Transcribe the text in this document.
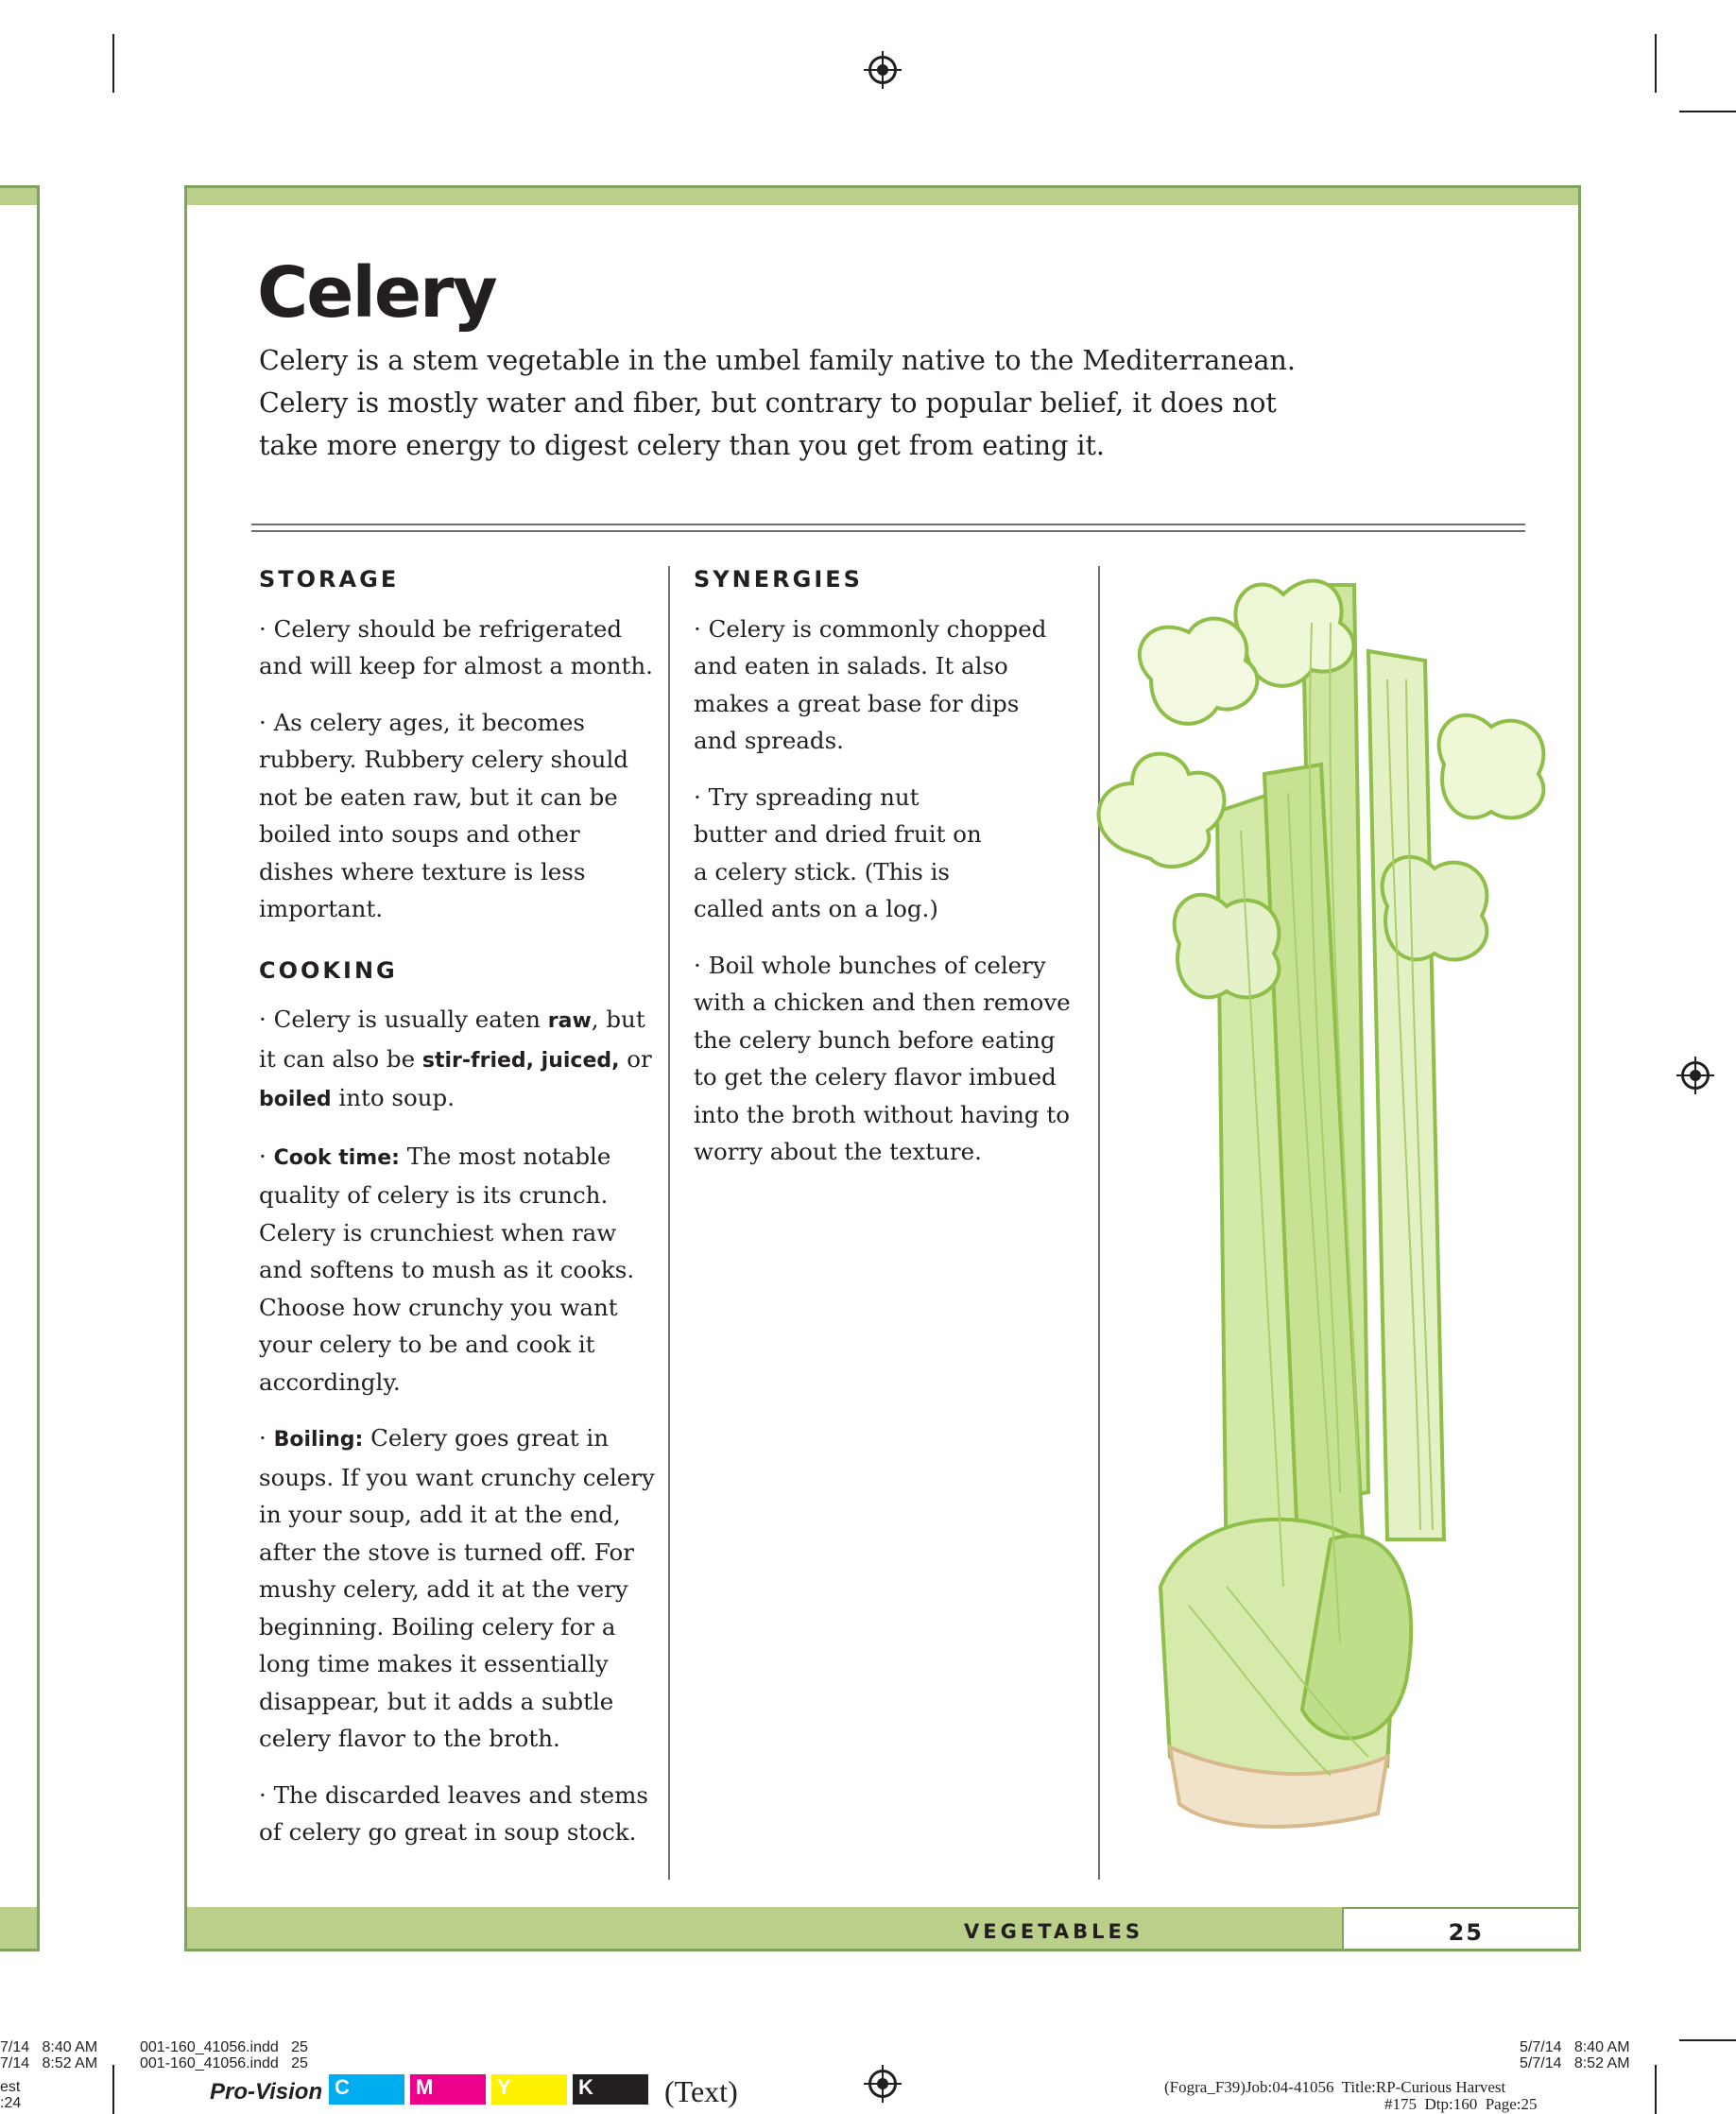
Celery

Celery is a stem vegetable in the umbel family native to the Mediterranean. Celery is mostly water and fiber, but contrary to popular belief, it does not take more energy to digest celery than you get from eating it.

STORAGE

· Celery should be refrigerated and will keep for almost a month.

· As celery ages, it becomes rubbery. Rubbery celery should not be eaten raw, but it can be boiled into soups and other dishes where texture is less important.

COOKING

· Celery is usually eaten raw, but it can also be stir-fried, juiced, or boiled into soup.

· Cook time: The most notable quality of celery is its crunch. Celery is crunchiest when raw and softens to mush as it cooks. Choose how crunchy you want your celery to be and cook it accordingly.

· Boiling: Celery goes great in soups. If you want crunchy celery in your soup, add it at the end, after the stove is turned off. For mushy celery, add it at the very beginning. Boiling celery for a long time makes it essentially disappear, but it adds a subtle celery flavor to the broth.

· The discarded leaves and stems of celery go great in soup stock.

SYNERGIES

· Celery is commonly chopped and eaten in salads. It also makes a great base for dips and spreads.

· Try spreading nut butter and dried fruit on a celery stick. (This is called ants on a log.)

· Boil whole bunches of celery with a chicken and then remove the celery bunch before eating to get the celery flavor imbued into the broth without having to worry about the texture.

VEGETABLES	25
est
:24
7/14   8:40 AM
7/14   8:52 AM
001-160_41056.indd   25
001-160_41056.indd   25
5/7/14   8:40 AM
5/7/14   8:52 AM
(Fogra_F39)Job:04-41056  Title:RP-Curious Harvest
#175  Dtp:160  Page:25
Pro-Vision C	M	Y	K	(Text)
